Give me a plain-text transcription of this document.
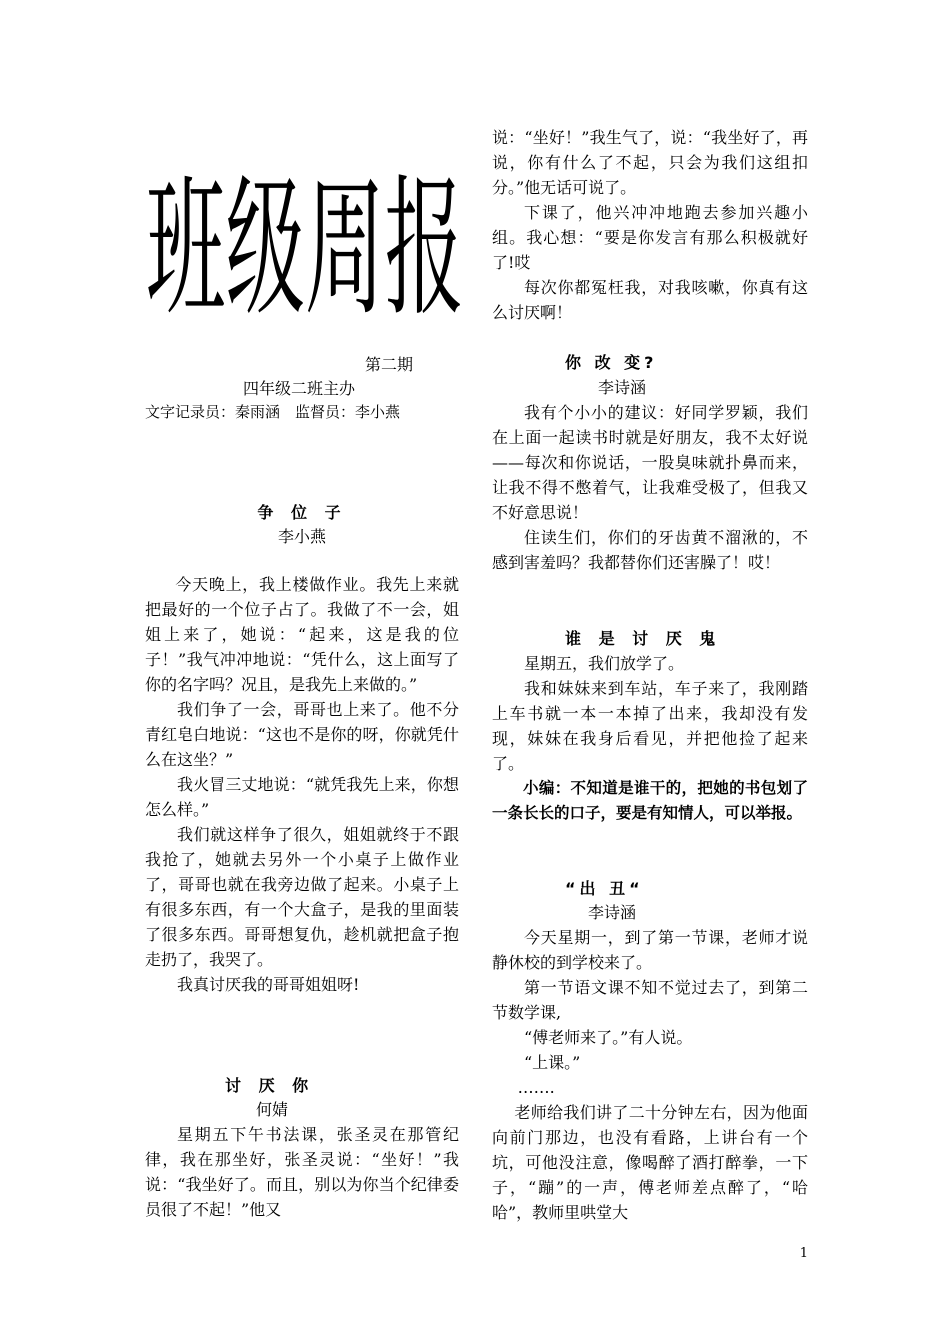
班级周报
第二期
四年级二班主办
文字记录员：秦雨涵　监督员：李小燕
争 位 子
李小燕

今天晚上，我上楼做作业。我先上来就把最好的一个位子占了。我做了不一会，姐姐上来了，她说：“起来，这是我的位子！”我气冲冲地说：“凭什么，这上面写了你的名字吗？况且，是我先上来做的。”

我们争了一会，哥哥也上来了。他不分青红皂白地说：“这也不是你的呀，你就凭什么在这坐？”

我火冒三丈地说：“就凭我先上来，你想怎么样。”

我们就这样争了很久，姐姐就终于不跟我抢了，她就去另外一个小桌子上做作业了，哥哥也就在我旁边做了起来。小桌子上有很多东西，有一个大盒子，是我的里面装了很多东西。哥哥想复仇，趁机就把盒子抱走扔了，我哭了。

我真讨厌我的哥哥姐姐呀!

讨 厌 你
何婧

星期五下午书法课，张圣灵在那管纪律，我在那坐好，张圣灵说：“坐好！”我说：“我坐好了。而且，别以为你当个纪律委员很了不起！”他又

说：“坐好！”我生气了，说：“我坐好了，再说，你有什么了不起，只会为我们这组扣分。”他无话可说了。

下课了，他兴冲冲地跑去参加兴趣小组。我心想：“要是你发言有那么积极就好了!哎

每次你都冤枉我，对我咳嗽，你真有这么讨厌啊！

你 改 变?
李诗涵

我有个小小的建议：好同学罗颖，我们在上面一起读书时就是好朋友，我不太好说——每次和你说话，一股臭味就扑鼻而来，让我不得不憋着气，让我难受极了，但我又不好意思说！

住读生们，你们的牙齿黄不溜湫的，不感到害羞吗？我都替你们还害臊了！哎！

谁 是 讨 厌 鬼

星期五，我们放学了。

我和妹妹来到车站，车子来了，我刚踏上车书就一本一本掉了出来，我却没有发现，妹妹在我身后看见，并把他捡了起来了。

小编：不知道是谁干的，把她的书包划了一条长长的口子，要是有知情人，可以举报。

“出 丑“
李诗涵

今天星期一，到了第一节课，老师才说静休校的到学校来了。

第一节语文课不知不觉过去了，到第二节数学课,

“傅老师来了。”有人说。

“上课。”

…….

老师给我们讲了二十分钟左右，因为他面向前门那边，也没有看路，上讲台有一个坑，可他没注意，像喝醉了酒打醉拳，一下子，“蹦”的一声，傅老师差点醉了，“哈哈”，教师里哄堂大

1
